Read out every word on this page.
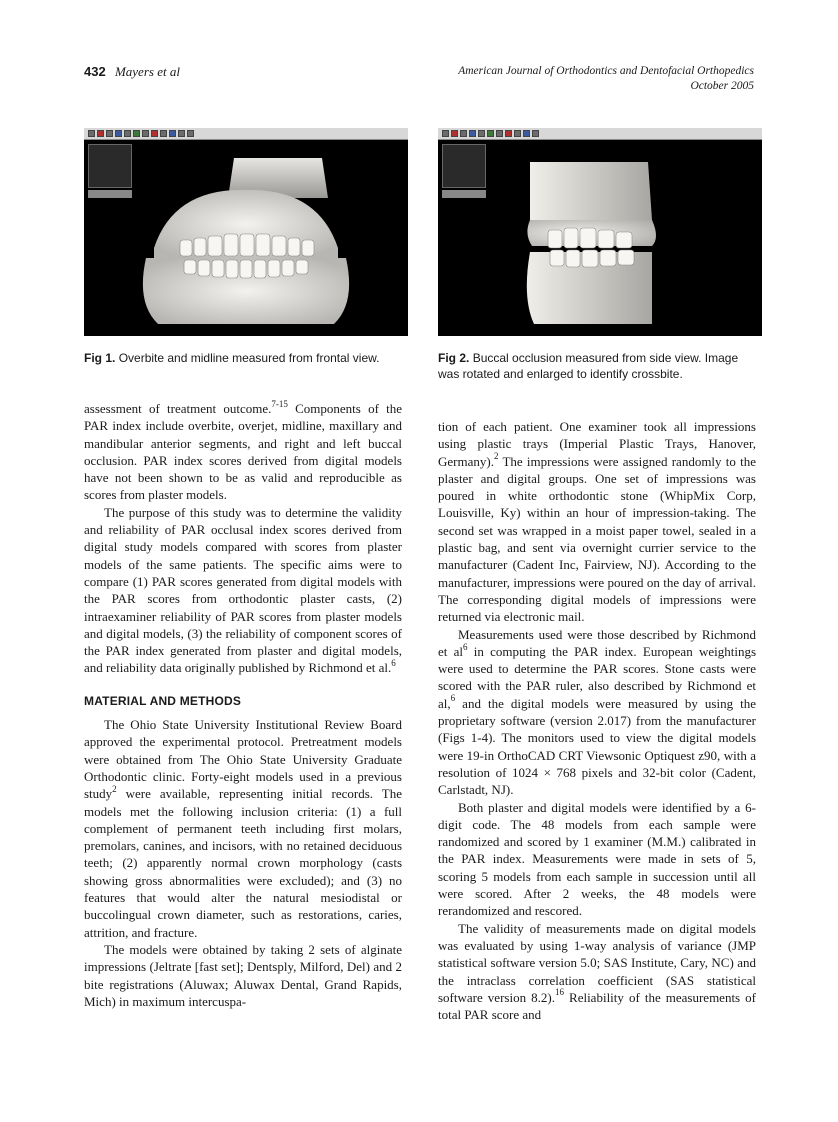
432 Mayers et al	American Journal of Orthodontics and Dentofacial Orthopedics
October 2005
Fig 1. Overbite and midline measured from frontal view.	Fig 2. Buccal occlusion measured from side view. Image was rotated and enlarged to identify crossbite.

assessment of treatment outcome.$^{7-15}$ Components of the PAR index include overbite, overjet, midline, maxillary and mandibular anterior segments, and right and left buccal occlusion. PAR index scores derived from digital models have not been shown to be as valid and reproducible as scores from plaster models.

The purpose of this study was to determine the validity and reliability of PAR occlusal index scores derived from digital study models compared with scores from plaster models of the same patients. The specific aims were to compare (1) PAR scores generated from digital models with the PAR scores from orthodontic plaster casts, (2) intraexaminer reliability of PAR scores from plaster models and digital models, (3) the reliability of component scores of the PAR index generated from plaster and digital models, and reliability data originally published by Richmond et al.$^6$

MATERIAL AND METHODS

The Ohio State University Institutional Review Board approved the experimental protocol. Pretreatment models were obtained from The Ohio State University Graduate Orthodontic clinic. Forty-eight models used in a previous study$^2$ were available, representing initial records. The models met the following inclusion criteria: (1) a full complement of permanent teeth including first molars, premolars, canines, and incisors, with no retained deciduous teeth; (2) apparently normal crown morphology (casts showing gross abnormalities were excluded); and (3) no features that would alter the natural mesiodistal or buccolingual crown diameter, such as restorations, caries, attrition, and fracture.

The models were obtained by taking 2 sets of alginate impressions (Jeltrate [fast set]; Dentsply, Milford, Del) and 2 bite registrations (Aluwax; Aluwax Dental, Grand Rapids, Mich) in maximum intercuspa-

tion of each patient. One examiner took all impressions using plastic trays (Imperial Plastic Trays, Hanover, Germany).$^2$ The impressions were assigned randomly to the plaster and digital groups. One set of impressions was poured in white orthodontic stone (WhipMix Corp, Louisville, Ky) within an hour of impression-taking. The second set was wrapped in a moist paper towel, sealed in a plastic bag, and sent via overnight currier service to the manufacturer (Cadent Inc, Fairview, NJ). According to the manufacturer, impressions were poured on the day of arrival. The corresponding digital models of impressions were returned via electronic mail.

Measurements used were those described by Richmond et $al^6$ in computing the PAR index. European weightings were used to determine the PAR scores. Stone casts were scored with the PAR ruler, also described by Richmond et al,$^6$ and the digital models were measured by using the proprietary software (version 2.017) from the manufacturer (Figs 1-4). The monitors used to view the digital models were 19-in OrthoCAD CRT Viewsonic Optiquest z90, with a resolution of 1024 × 768 pixels and 32-bit color (Cadent, Carlstadt, NJ).

Both plaster and digital models were identified by a 6-digit code. The 48 models from each sample were randomized and scored by 1 examiner (M.M.) calibrated in the PAR index. Measurements were made in sets of 5, scoring 5 models from each sample in succession until all were scored. After 2 weeks, the 48 models were rerandomized and rescored.

The validity of measurements made on digital models was evaluated by using 1-way analysis of variance (JMP statistical software version 5.0; SAS Institute, Cary, NC) and the intraclass correlation coefficient (SAS statistical software version 8.2).$^{16}$ Reliability of the measurements of total PAR score and
